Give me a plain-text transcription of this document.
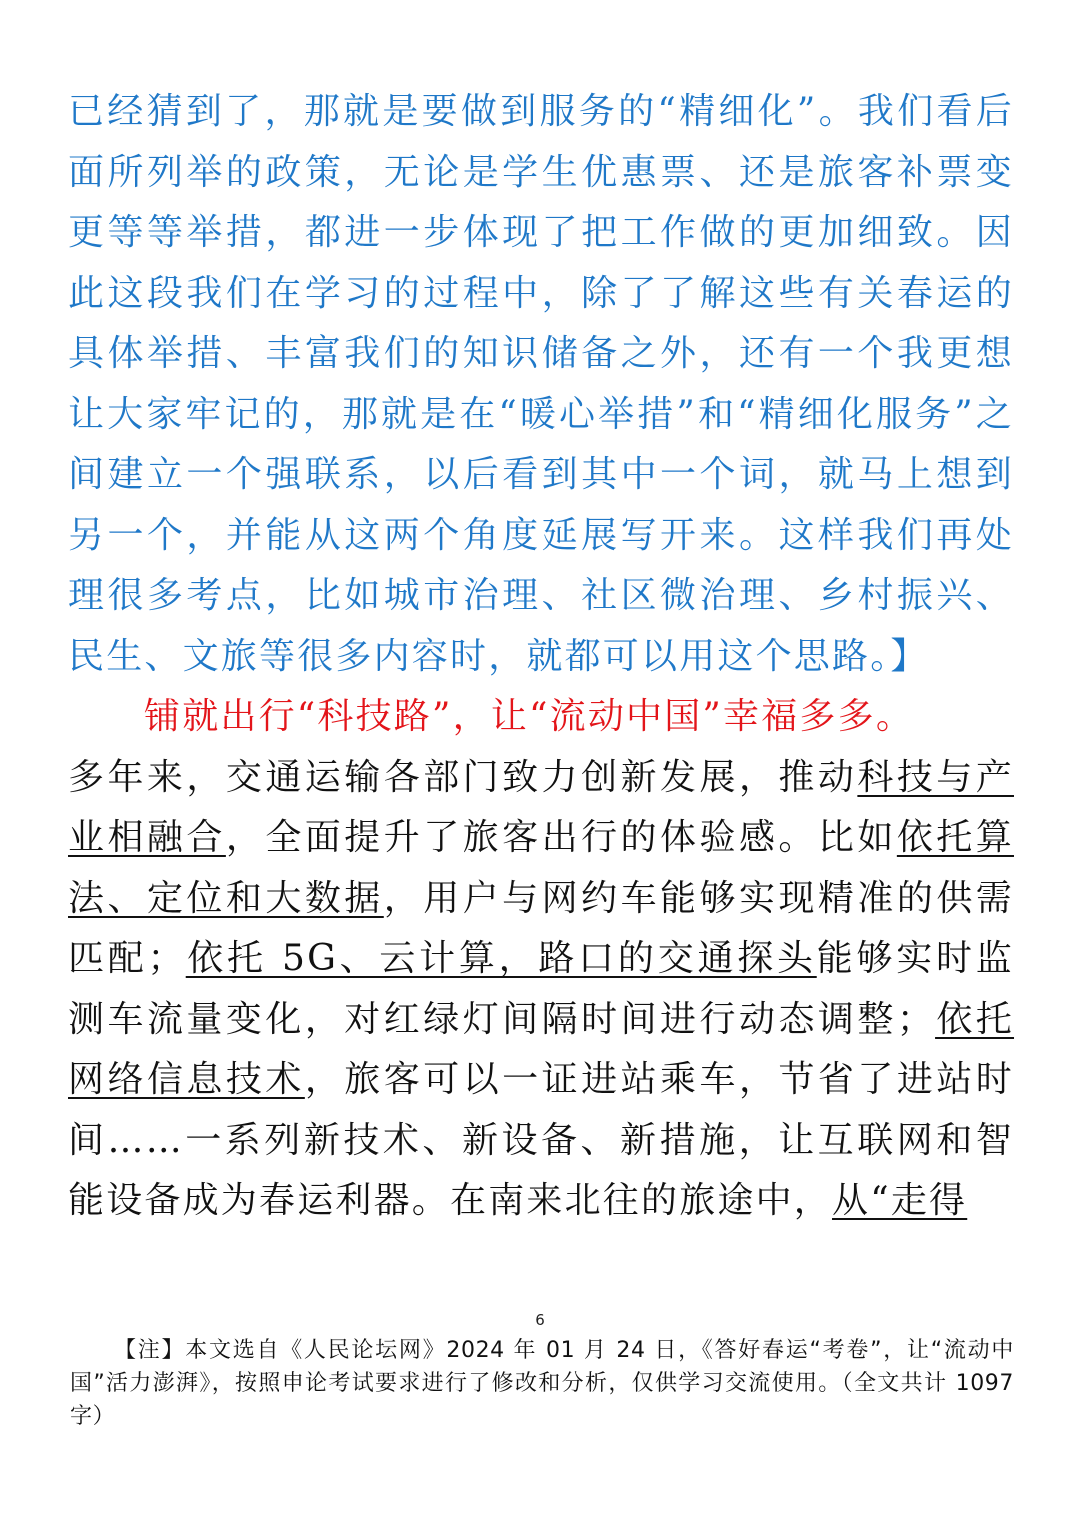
已经猜到了，那就是要做到服务的“精细化”。我们看后面所列举的政策，无论是学生优惠票、还是旅客补票变更等等举措，都进一步体现了把工作做的更加细致。因此这段我们在学习的过程中，除了了解这些有关春运的具体举措、丰富我们的知识储备之外，还有一个我更想让大家牢记的，那就是在“暖心举措”和“精细化服务”之间建立一个强联系，以后看到其中一个词，就马上想到另一个，并能从这两个角度延展写开来。这样我们再处理很多考点，比如城市治理、社区微治理、乡村振兴、民生、文旅等很多内容时，就都可以用这个思路。】

铺就出行“科技路”，让“流动中国”幸福多多。

多年来，交通运输各部门致力创新发展，推动科技与产业相融合，全面提升了旅客出行的体验感。比如依托算法、定位和大数据，用户与网约车能够实现精准的供需匹配；依托 5G、云计算，路口的交通探头能够实时监测车流量变化，对红绿灯间隔时间进行动态调整；依托网络信息技术，旅客可以一证进站乘车，节省了进站时间……一系列新技术、新设备、新措施，让互联网和智能设备成为春运利器。在南来北往的旅途中，从“走得

6
【注】本文选自《人民论坛网》2024 年 01 月 24 日，《答好春运“考卷”，让“流动中国”活力澎湃》，按照申论考试要求进行了修改和分析，仅供学习交流使用。（全文共计 1097 字）
